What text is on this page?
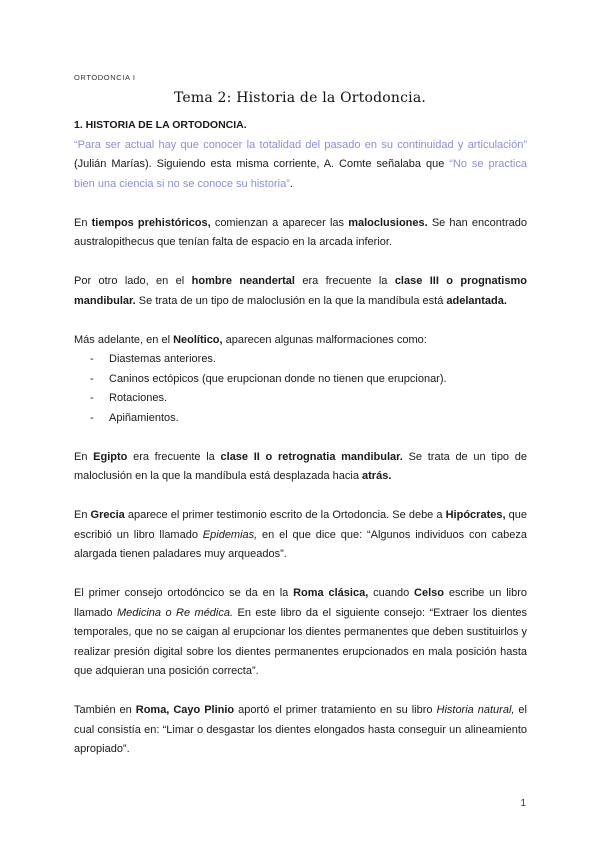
ORTODONCIA I
Tema 2: Historia de la Ortodoncia.

1. HISTORIA DE LA ORTODONCIA.

“Para ser actual hay que conocer la totalidad del pasado en su continuidad y articulación” (Julián Marías). Siguiendo esta misma corriente, A. Comte señalaba que “No se practica bien una ciencia si no se conoce su historia”.

En tiempos prehistóricos, comienzan a aparecer las maloclusiones. Se han encontrado australopithecus que tenían falta de espacio en la arcada inferior.

Por otro lado, en el hombre neandertal era frecuente la clase III o prognatismo mandibular. Se trata de un tipo de maloclusión en la que la mandíbula está adelantada.

Más adelante, en el Neolítico, aparecen algunas malformaciones como:

- Diastemas anteriores.
- Caninos ectópicos (que erupcionan donde no tienen que erupcionar).
- Rotaciones.
- Apiñamientos.

En Egipto era frecuente la clase II o retrognatia mandibular. Se trata de un tipo de maloclusión en la que la mandíbula está desplazada hacia atrás.

En Grecia aparece el primer testimonio escrito de la Ortodoncia. Se debe a Hipócrates, que escribió un libro llamado Epidemias, en el que dice que: “Algunos individuos con cabeza alargada tienen paladares muy arqueados”.

El primer consejo ortodóncico se da en la Roma clásica, cuando Celso escribe un libro llamado Medicina o Re médica. En este libro da el siguiente consejo: “Extraer los dientes temporales, que no se caigan al erupcionar los dientes permanentes que deben sustituirlos y realizar presión digital sobre los dientes permanentes erupcionados en mala posición hasta que adquieran una posición correcta”.

También en Roma, Cayo Plinio aportó el primer tratamiento en su libro Historia natural, el cual consistía en: “Limar o desgastar los dientes elongados hasta conseguir un alineamiento apropiado”.

1
